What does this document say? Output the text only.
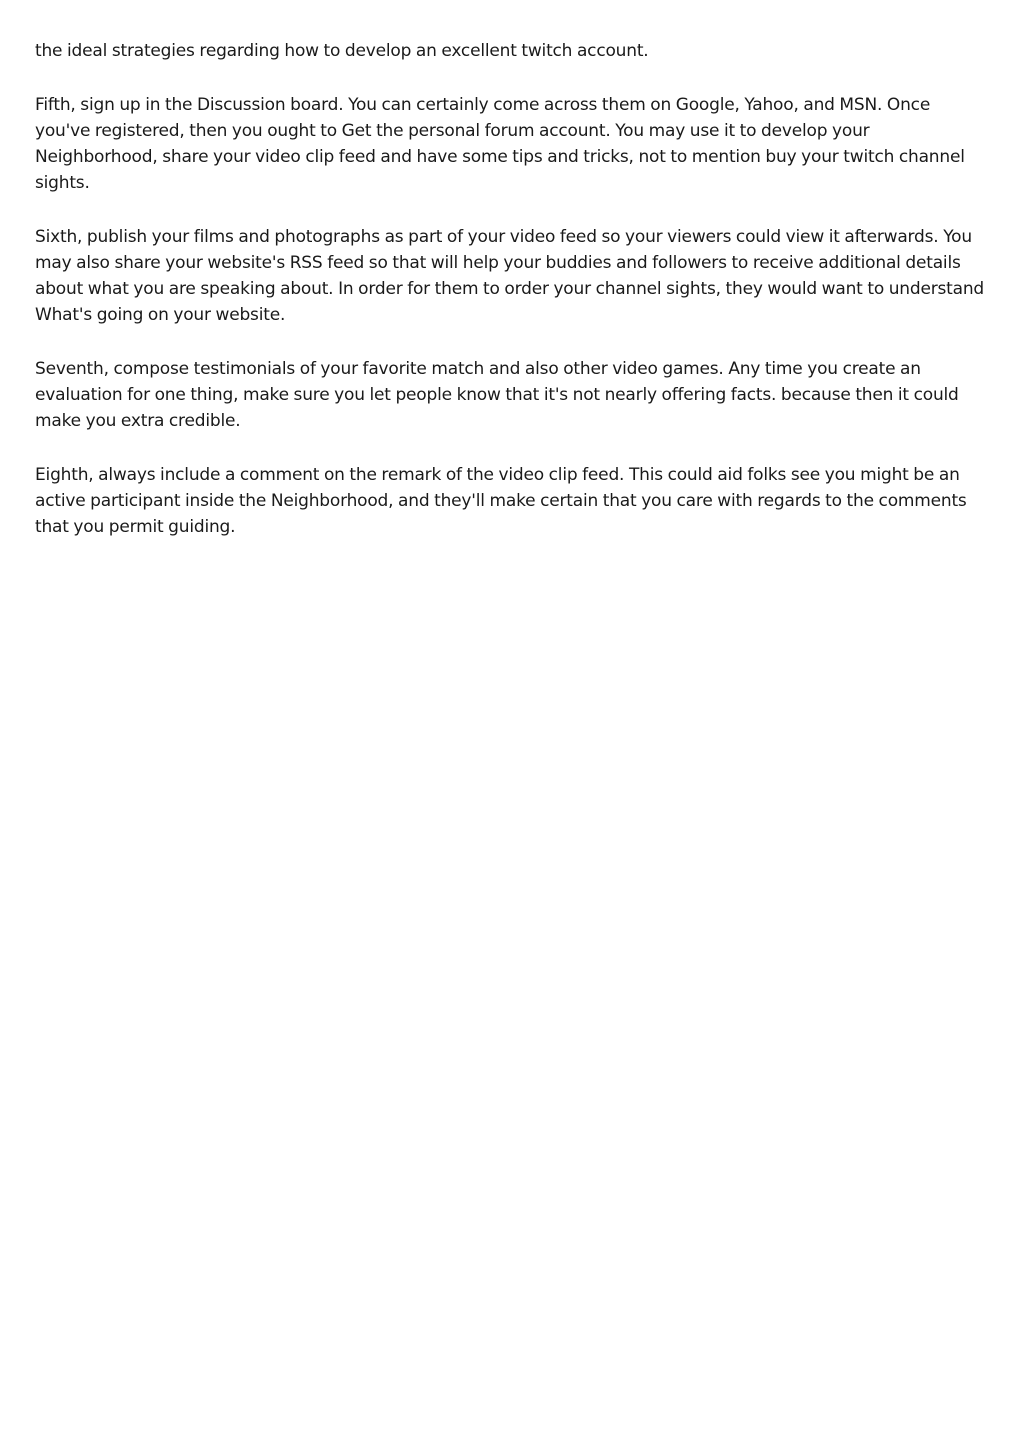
the ideal strategies regarding how to develop an excellent twitch account.

Fifth, sign up in the Discussion board. You can certainly come across them on Google, Yahoo, and MSN. Once you've registered, then you ought to Get the personal forum account. You may use it to develop your Neighborhood, share your video clip feed and have some tips and tricks, not to mention buy your twitch channel sights.

Sixth, publish your films and photographs as part of your video feed so your viewers could view it afterwards. You may also share your website's RSS feed so that will help your buddies and followers to receive additional details about what you are speaking about. In order for them to order your channel sights, they would want to understand What's going on your website.

Seventh, compose testimonials of your favorite match and also other video games. Any time you create an evaluation for one thing, make sure you let people know that it's not nearly offering facts. because then it could make you extra credible.

Eighth, always include a comment on the remark of the video clip feed. This could aid folks see you might be an active participant inside the Neighborhood, and they'll make certain that you care with regards to the comments that you permit guiding.
